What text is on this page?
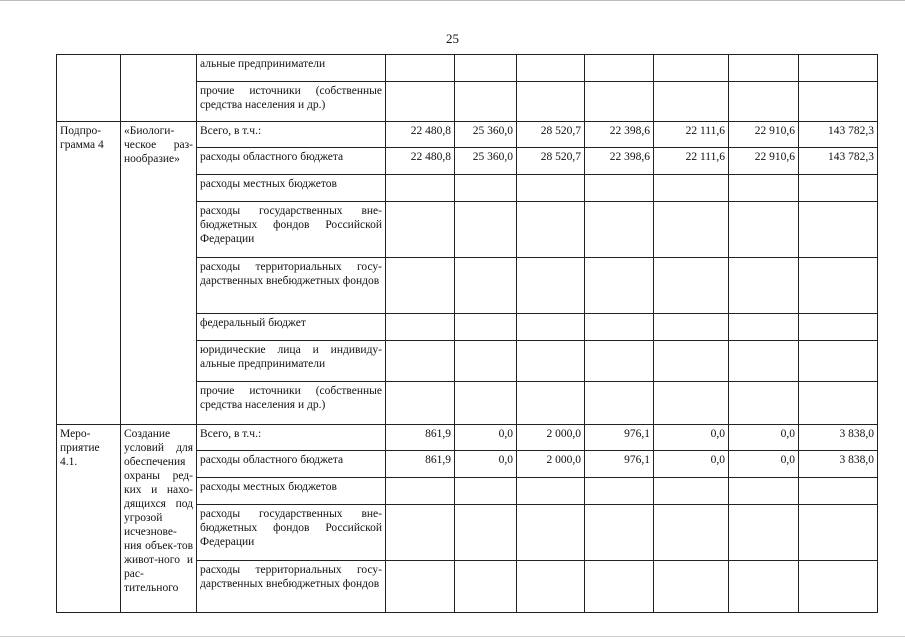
25
		альные предприниматели							
		прочие источники (собственные средства населения и др.)							
Подпро-грамма 4	«Биологи-ческое раз-нообразие»	Всего, в т.ч.:	22 480,8	25 360,0	28 520,7	22 398,6	22 111,6	22 910,6	143 782,3
		расходы областного бюджета	22 480,8	25 360,0	28 520,7	22 398,6	22 111,6	22 910,6	143 782,3
		расходы местных бюджетов							
		расходы государственных вне-бюджетных фондов Российской Федерации							
		расходы территориальных госу-дарственных внебюджетных фондов							
		федеральный бюджет							
		юридические лица и индивиду-альные предприниматели							
		прочие источники (собственные средства населения и др.)							
Меро-приятие 4.1.	Создание условий для обеспечения охраны ред-ких и нахо-дящихся под угрозой исчезнове-ния объек-тов живот-ного и рас-тительного	Всего, в т.ч.:	861,9	0,0	2 000,0	976,1	0,0	0,0	3 838,0
		расходы областного бюджета	861,9	0,0	2 000,0	976,1	0,0	0,0	3 838,0
		расходы местных бюджетов							
		расходы государственных вне-бюджетных фондов Российской Федерации							
		расходы территориальных госу-дарственных внебюджетных фондов							
